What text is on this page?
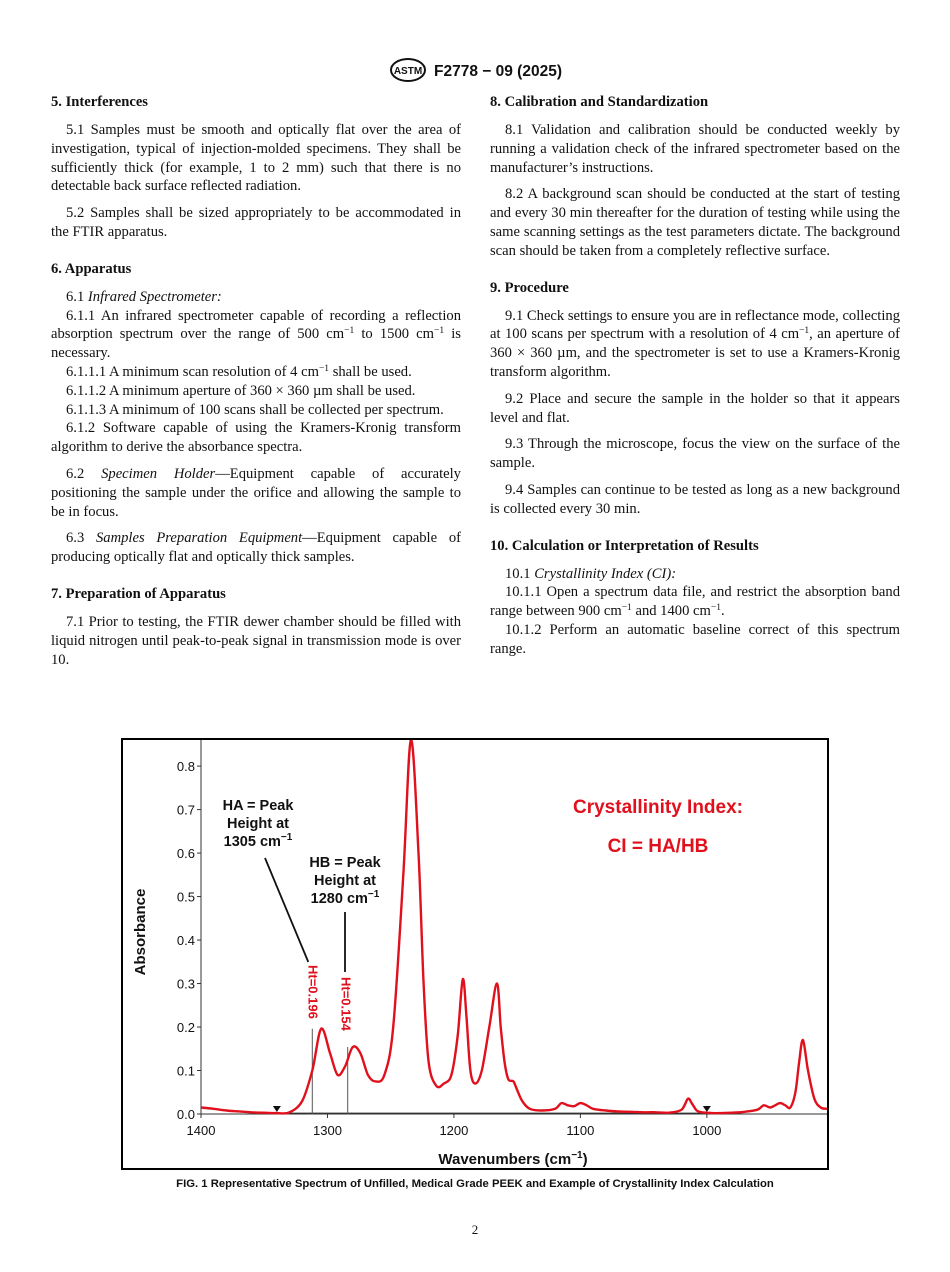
ASTM F2778 − 09 (2025)
5. Interferences

5.1 Samples must be smooth and optically flat over the area of investigation, typical of injection-molded specimens. They shall be sufficiently thick (for example, 1 to 2 mm) such that there is no detectable back surface reflected radiation.

5.2 Samples shall be sized appropriately to be accommodated in the FTIR apparatus.

6. Apparatus

6.1 Infrared Spectrometer:

6.1.1 An infrared spectrometer capable of recording a reflection absorption spectrum over the range of 500 $cm^{-1}$ to 1500 $cm^{-1}$ is necessary.

6.1.1.1 A minimum scan resolution of 4 $cm^{-1}$ shall be used.

6.1.1.2 A minimum aperture of 360 × 360 µm shall be used.

6.1.1.3 A minimum of 100 scans shall be collected per spectrum.

6.1.2 Software capable of using the Kramers-Kronig transform algorithm to derive the absorbance spectra.

6.2 Specimen Holder—Equipment capable of accurately positioning the sample under the orifice and allowing the sample to be in focus.

6.3 Samples Preparation Equipment—Equipment capable of producing optically flat and optically thick samples.

7. Preparation of Apparatus

7.1 Prior to testing, the FTIR dewer chamber should be filled with liquid nitrogen until peak-to-peak signal in transmission mode is over 10.

8. Calibration and Standardization

8.1 Validation and calibration should be conducted weekly by running a validation check of the infrared spectrometer based on the manufacturer’s instructions.

8.2 A background scan should be conducted at the start of testing and every 30 min thereafter for the duration of testing while using the same scanning settings as the test parameters dictate. The background scan should be taken from a completely reflective surface.

9. Procedure

9.1 Check settings to ensure you are in reflectance mode, collecting at 100 scans per spectrum with a resolution of 4 $cm^{-1}$, an aperture of 360 × 360 µm, and the spectrometer is set to use a Kramers-Kronig transform algorithm.

9.2 Place and secure the sample in the holder so that it appears level and flat.

9.3 Through the microscope, focus the view on the surface of the sample.

9.4 Samples can continue to be tested as long as a new background is collected every 30 min.

10. Calculation or Interpretation of Results

10.1 Crystallinity Index (CI):

10.1.1 Open a spectrum data file, and restrict the absorption band range between 900 $cm^{-1}$ and 1400 $cm^{-1}$.

10.1.2 Perform an automatic baseline correct of this spectrum range.

0.0
0.1
0.2
0.3
0.4
0.5
0.6
0.7
0.8
1400	1300	1200	1100	1000
HA = Peak
Height at
1305 $cm^{-1}$
HB = Peak
Height at
1280 $cm^{-1}$
Ht=0.196 Ht=0.154
Crystallinity Index:
CI = HA/HB
Absorbance
Wavenumbers $(cm^{-1})$
FIG. 1 Representative Spectrum of Unfilled, Medical Grade PEEK and Example of Crystallinity Index Calculation
2
